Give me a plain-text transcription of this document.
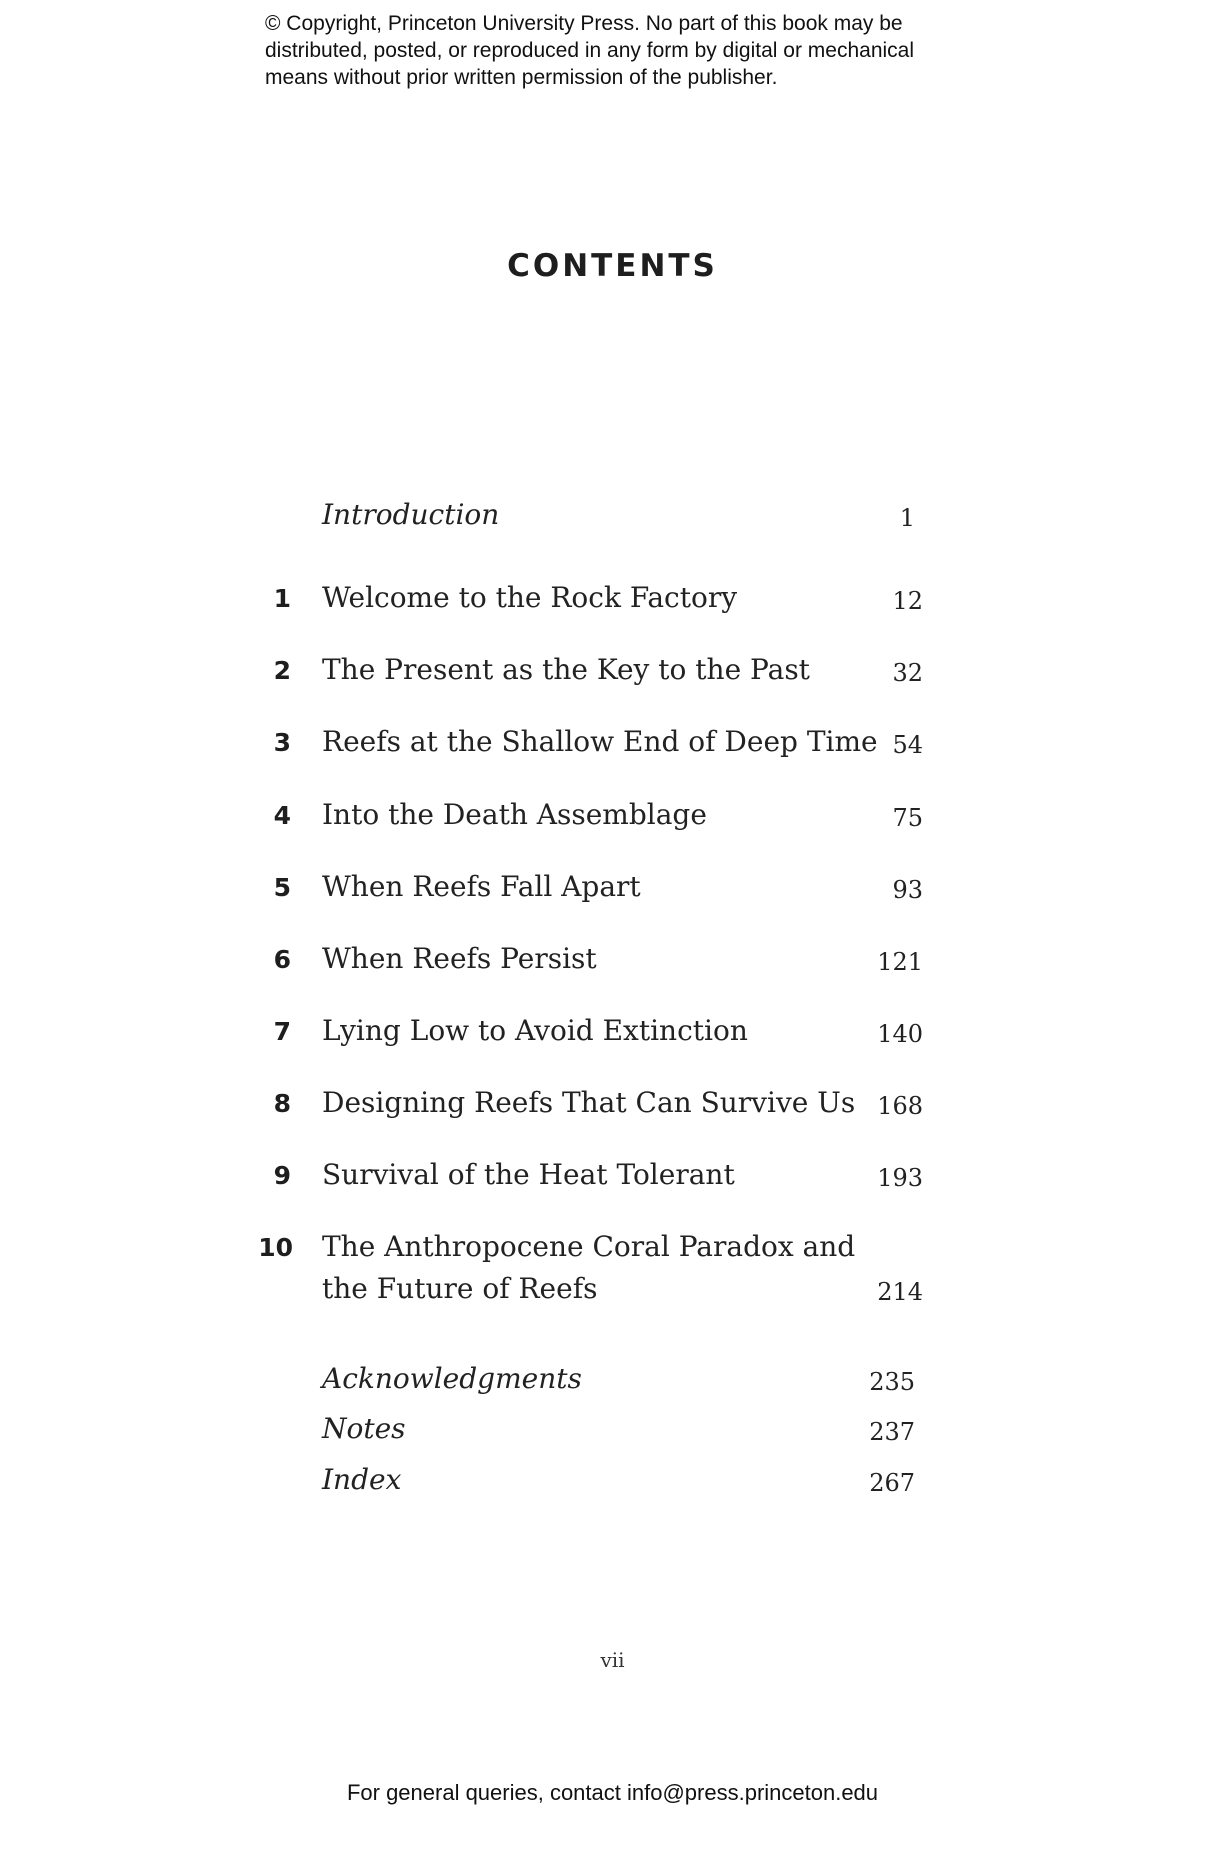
© Copyright, Princeton University Press. No part of this book may be
distributed, posted, or reproduced in any form by digital or mechanical
means without prior written permission of the publisher.
CONTENTS
Introduction	1
1 Welcome to the Rock Factory	12
2 The Present as the Key to the Past	32
3 Reefs at the Shallow End of Deep Time 54
4 Into the Death Assemblage	75
5 When Reefs Fall Apart	93
6 When Reefs Persist	121
7 Lying Low to Avoid Extinction	140
8 Designing Reefs That Can Survive Us 168
9 Survival of the Heat Tolerant	193
10 The Anthropocene Coral Paradox and
the Future of Reefs	214
Acknowledgments	235
Notes	237
Index	267
vii
For general queries, contact info@press.princeton.edu
